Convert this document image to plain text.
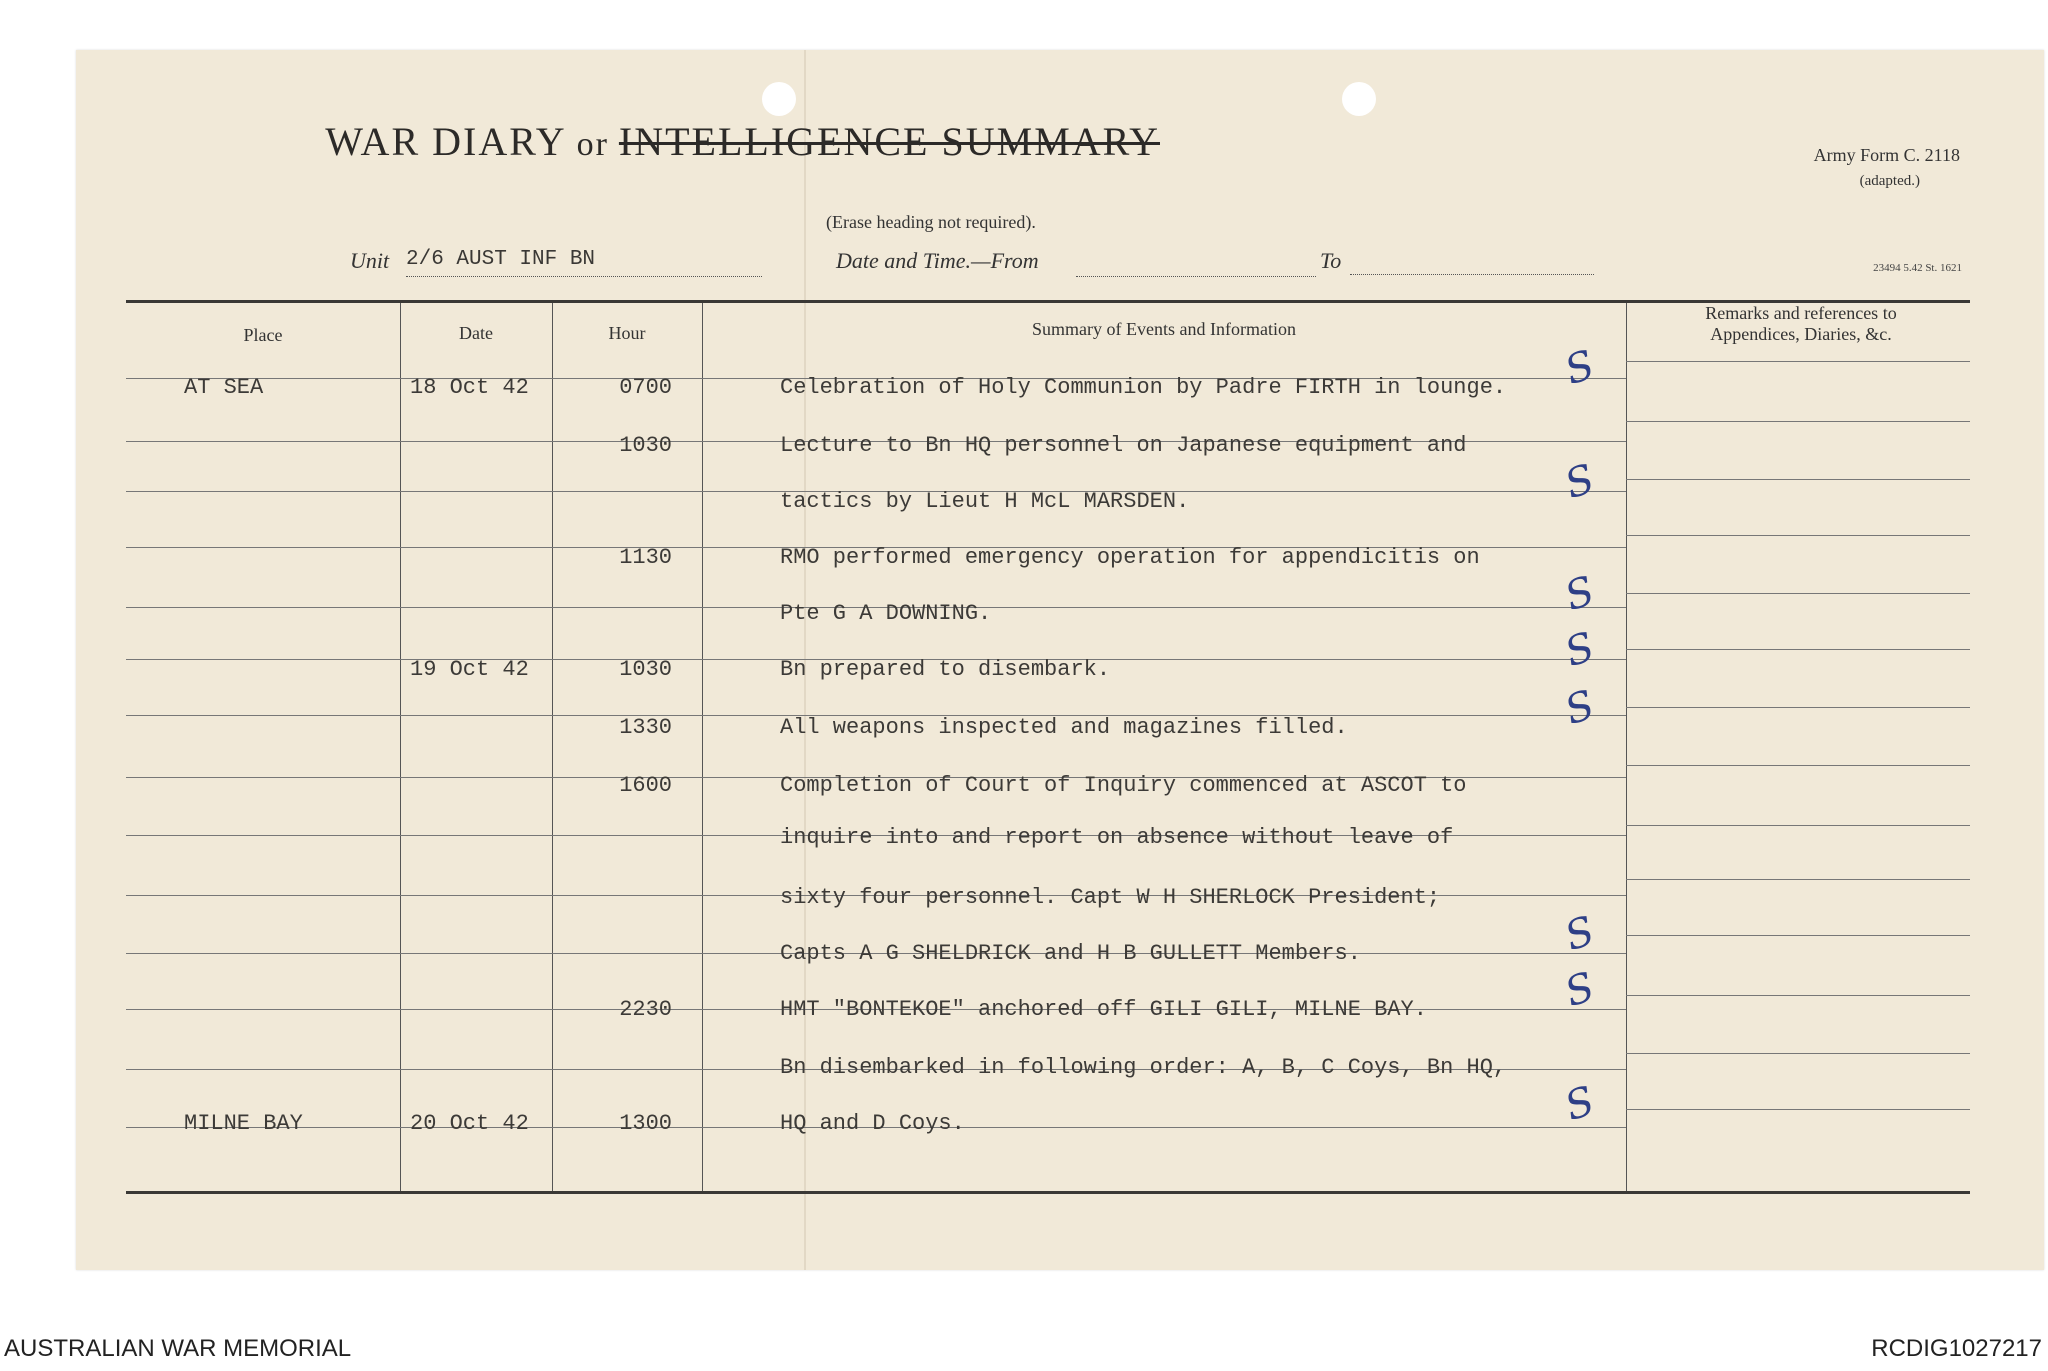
Army Form C. 2118
(adapted.)
23494 5.42 St. 1621
WAR DIARY or INTELLIGENCE SUMMARY
(Erase heading not required).
Unit 2/6 AUST INF BN	Date and Time.—From	To
Place	Date	Hour	Summary of Events and Information
Remarks and references to Appendices, Diaries, &c.
AT SEA	18 Oct 42	0700	Celebration of Holy Communion by Padre FIRTH in lounge. S
1030	Lecture to Bn HQ personnel on Japanese equipment and
tactics by Lieut H McL MARSDEN.	S
1130	RMO performed emergency operation for appendicitis on
Pte G A DOWNING.	S
19 Oct 42	1030	Bn prepared to disembark.	S
1330	All weapons inspected and magazines filled.	S
1600	Completion of Court of Inquiry commenced at ASCOT to
inquire into and report on absence without leave of
sixty four personnel. Capt W H SHERLOCK President;
Capts A G SHELDRICK and H B GULLETT Members.	S
2230	HMT "BONTEKOE" anchored off GILI GILI, MILNE BAY.	S
Bn disembarked in following order: A, B, C Coys, Bn HQ,
MILNE BAY	20 Oct 42	1300	HQ and D Coys.	S
AUSTRALIAN WAR MEMORIAL	RCDIG1027217
